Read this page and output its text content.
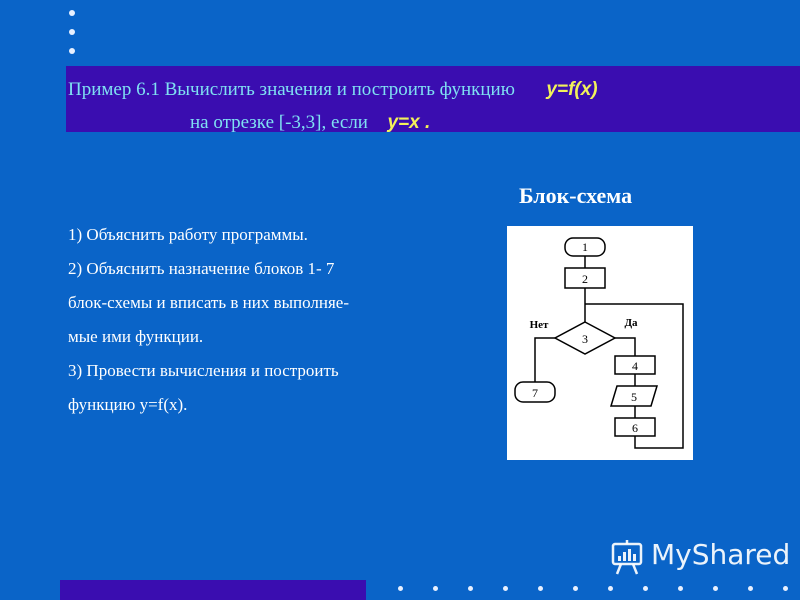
Пример 6.1 Вычислить значения и построить функцию y=f(x)
на отрезке [-3,3], если y=x .
Блок-схема
1) Объяснить работу программы.
2) Объяснить назначение блоков 1- 7
блок-схемы и вписать в них выполняе-
мые ими функции.
3) Провести вычисления и построить
функцию y=f(x).
1
2
3
4
5
6
7
Нет	Да
MyShared
